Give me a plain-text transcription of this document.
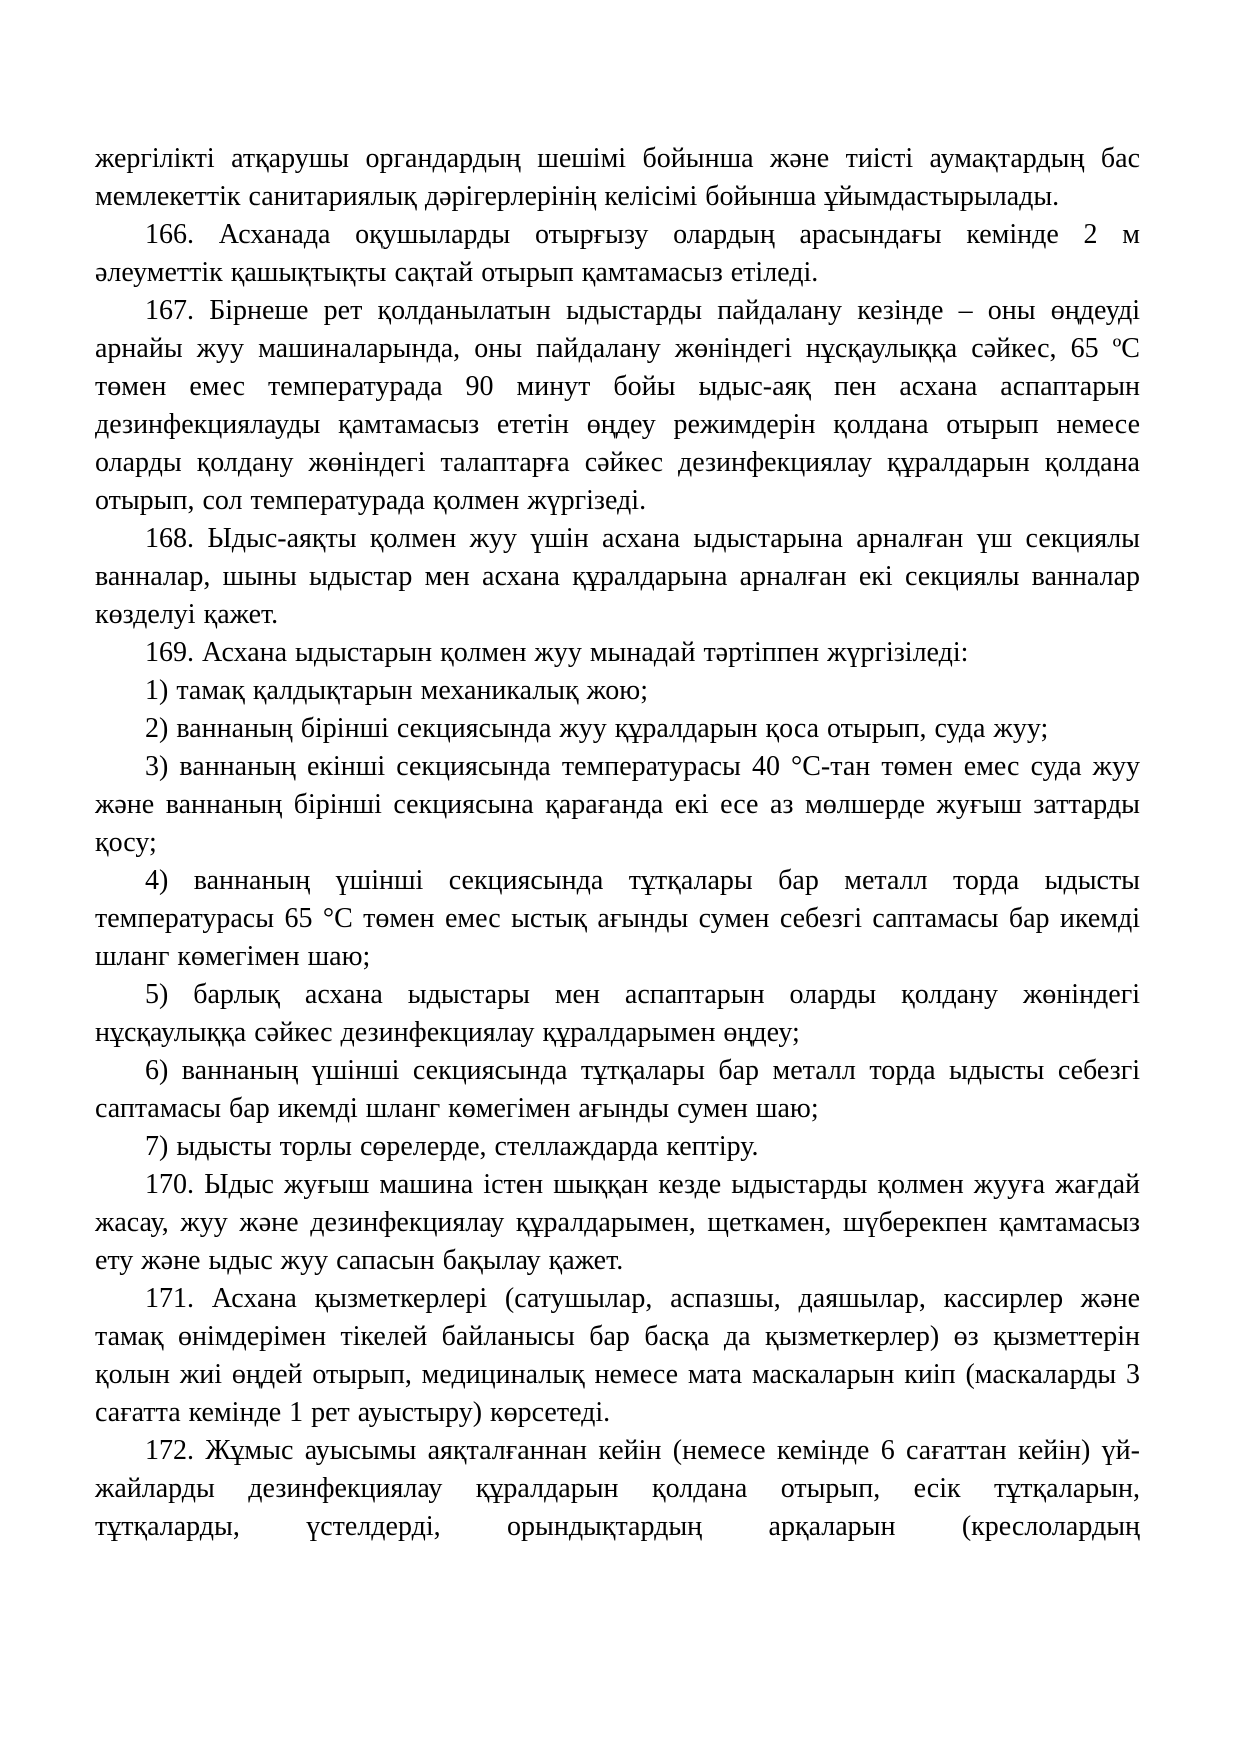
жергілікті атқарушы органдардың шешімі бойынша және тиісті аумақтардың бас мемлекеттік санитариялық дәрігерлерінің келісімі бойынша ұйымдастырылады.

166. Асханада оқушыларды отырғызу олардың арасындағы кемінде 2 м әлеуметтік қашықтықты сақтай отырып қамтамасыз етіледі.

167. Бірнеше рет қолданылатын ыдыстарды пайдалану кезінде – оны өңдеуді арнайы жуу машиналарында, оны пайдалану жөніндегі нұсқаулыққа сәйкес, 65 ºС төмен емес температурада 90 минут бойы ыдыс-аяқ пен асхана аспаптарын дезинфекциялауды қамтамасыз ететін өңдеу режимдерін қолдана отырып немесе оларды қолдану жөніндегі талаптарға сәйкес дезинфекциялау құралдарын қолдана отырып, сол температурада қолмен жүргізеді.

168. Ыдыс-аяқты қолмен жуу үшін асхана ыдыстарына арналған үш секциялы ванналар, шыны ыдыстар мен асхана құралдарына арналған екі секциялы ванналар көзделуі қажет.

169. Асхана ыдыстарын қолмен жуу мынадай тәртіппен жүргізіледі:

1) тамақ қалдықтарын механикалық жою;

2) ваннаның бірінші секциясында жуу құралдарын қоса отырып, суда жуу;

3) ваннаның екінші секциясында температурасы 40 °С-тан төмен емес суда жуу және ваннаның бірінші секциясына қарағанда екі есе аз мөлшерде жуғыш заттарды қосу;

4) ваннаның үшінші секциясында тұтқалары бар металл торда ыдысты температурасы 65 °С төмен емес ыстық ағынды сумен себезгі саптамасы бар икемді шланг көмегімен шаю;

5) барлық асхана ыдыстары мен аспаптарын оларды қолдану жөніндегі нұсқаулыққа сәйкес дезинфекциялау құралдарымен өңдеу;

6) ваннаның үшінші секциясында тұтқалары бар металл торда ыдысты себезгі саптамасы бар икемді шланг көмегімен ағынды сумен шаю;

7) ыдысты торлы сөрелерде, стеллаждарда кептіру.

170. Ыдыс жуғыш машина істен шыққан кезде ыдыстарды қолмен жууға жағдай жасау, жуу және дезинфекциялау құралдарымен, щеткамен, шүберекпен қамтамасыз ету және ыдыс жуу сапасын бақылау қажет.

171. Асхана қызметкерлері (сатушылар, аспазшы, даяшылар, кассирлер және тамақ өнімдерімен тікелей байланысы бар басқа да қызметкерлер) өз қызметтерін қолын жиі өңдей отырып, медициналық немесе мата маскаларын киіп (маскаларды 3 сағатта кемінде 1 рет ауыстыру) көрсетеді.

172. Жұмыс ауысымы аяқталғаннан кейін (немесе кемінде 6 сағаттан кейін) үй-жайларды дезинфекциялау құралдарын қолдана отырып, есік тұтқаларын, тұтқаларды, үстелдерді, орындықтардың арқаларын (креслолардың
